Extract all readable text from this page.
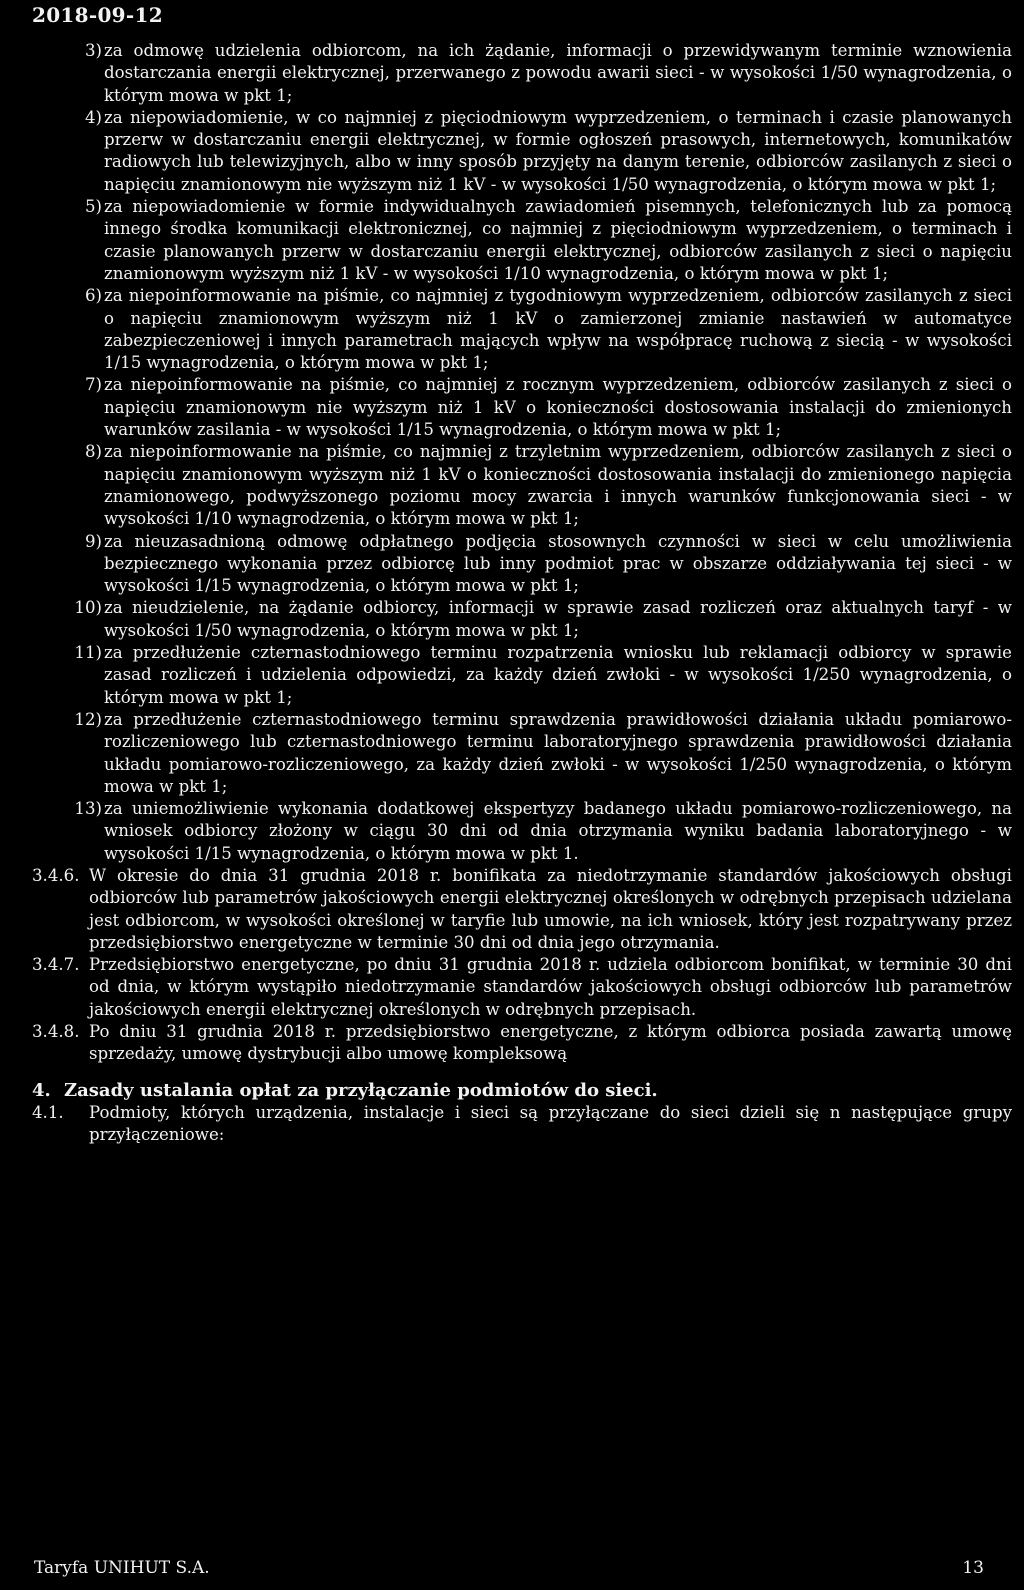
2018-09-12
3) za odmowę udzielenia odbiorcom, na ich żądanie, informacji o przewidywanym terminie wznowienia dostarczania energii elektrycznej, przerwanego z powodu awarii sieci - w wysokości 1/50 wynagrodzenia, o którym mowa w pkt 1;
4) za niepowiadomienie, w co najmniej z pięciodniowym wyprzedzeniem, o terminach i czasie planowanych przerw w dostarczaniu energii elektrycznej, w formie ogłoszeń prasowych, internetowych, komunikatów radiowych lub telewizyjnych, albo w inny sposób przyjęty na danym terenie, odbiorców zasilanych z sieci o napięciu znamionowym nie wyższym niż 1 kV - w wysokości 1/50 wynagrodzenia, o którym mowa w pkt 1;
5) za niepowiadomienie w formie indywidualnych zawiadomień pisemnych, telefonicznych lub za pomocą innego środka komunikacji elektronicznej, co najmniej z pięciodniowym wyprzedzeniem, o terminach i czasie planowanych przerw w dostarczaniu energii elektrycznej, odbiorców zasilanych z sieci o napięciu znamionowym wyższym niż 1 kV - w wysokości 1/10 wynagrodzenia, o którym mowa w pkt 1;
6) za niepoinformowanie na piśmie, co najmniej z tygodniowym wyprzedzeniem, odbiorców zasilanych z sieci o napięciu znamionowym wyższym niż 1 kV o zamierzonej zmianie nastawień w automatyce zabezpieczeniowej i innych parametrach mających wpływ na współpracę ruchową z siecią - w wysokości 1/15 wynagrodzenia, o którym mowa w pkt 1;
7) za niepoinformowanie na piśmie, co najmniej z rocznym wyprzedzeniem, odbiorców zasilanych z sieci o napięciu znamionowym nie wyższym niż 1 kV o konieczności dostosowania instalacji do zmienionych warunków zasilania - w wysokości 1/15 wynagrodzenia, o którym mowa w pkt 1;
8) za niepoinformowanie na piśmie, co najmniej z trzyletnim wyprzedzeniem, odbiorców zasilanych z sieci o napięciu znamionowym wyższym niż 1 kV o konieczności dostosowania instalacji do zmienionego napięcia znamionowego, podwyższonego poziomu mocy zwarcia i innych warunków funkcjonowania sieci - w wysokości 1/10 wynagrodzenia, o którym mowa w pkt 1;
9) za nieuzasadnioną odmowę odpłatnego podjęcia stosownych czynności w sieci w celu umożliwienia bezpiecznego wykonania przez odbiorcę lub inny podmiot prac w obszarze oddziaływania tej sieci - w wysokości 1/15 wynagrodzenia, o którym mowa w pkt 1;
10) za nieudzielenie, na żądanie odbiorcy, informacji w sprawie zasad rozliczeń oraz aktualnych taryf - w wysokości 1/50 wynagrodzenia, o którym mowa w pkt 1;
11) za przedłużenie czternastodniowego terminu rozpatrzenia wniosku lub reklamacji odbiorcy w sprawie zasad rozliczeń i udzielenia odpowiedzi, za każdy dzień zwłoki - w wysokości 1/250 wynagrodzenia, o którym mowa w pkt 1;
12) za przedłużenie czternastodniowego terminu sprawdzenia prawidłowości działania układu pomiarowo-rozliczeniowego lub czternastodniowego terminu laboratoryjnego sprawdzenia prawidłowości działania układu pomiarowo-rozliczeniowego, za każdy dzień zwłoki - w wysokości 1/250 wynagrodzenia, o którym mowa w pkt 1;
13) za uniemożliwienie wykonania dodatkowej ekspertyzy badanego układu pomiarowo-rozliczeniowego, na wniosek odbiorcy złożony w ciągu 30 dni od dnia otrzymania wyniku badania laboratoryjnego - w wysokości 1/15 wynagrodzenia, o którym mowa w pkt 1.
3.4.6. W okresie do dnia 31 grudnia 2018 r. bonifikata za niedotrzymanie standardów jakościowych obsługi odbiorców lub parametrów jakościowych energii elektrycznej określonych w odrębnych przepisach udzielana jest odbiorcom, w wysokości określonej w taryfie lub umowie, na ich wniosek, który jest rozpatrywany przez przedsiębiorstwo energetyczne w terminie 30 dni od dnia jego otrzymania.
3.4.7. Przedsiębiorstwo energetyczne, po dniu 31 grudnia 2018 r. udziela odbiorcom bonifikat, w terminie 30 dni od dnia, w którym wystąpiło niedotrzymanie standardów jakościowych obsługi odbiorców lub parametrów jakościowych energii elektrycznej określonych w odrębnych przepisach.
3.4.8. Po dniu 31 grudnia 2018 r. przedsiębiorstwo energetyczne, z którym odbiorca posiada zawartą umowę sprzedaży, umowę dystrybucji albo umowę kompleksową
4. Zasady ustalania opłat za przyłączanie podmiotów do sieci.
4.1.	Podmioty, których urządzenia, instalacje i sieci są przyłączane do sieci dzieli się n następujące grupy przyłączeniowe:
Taryfa UNIHUT S.A.	13
